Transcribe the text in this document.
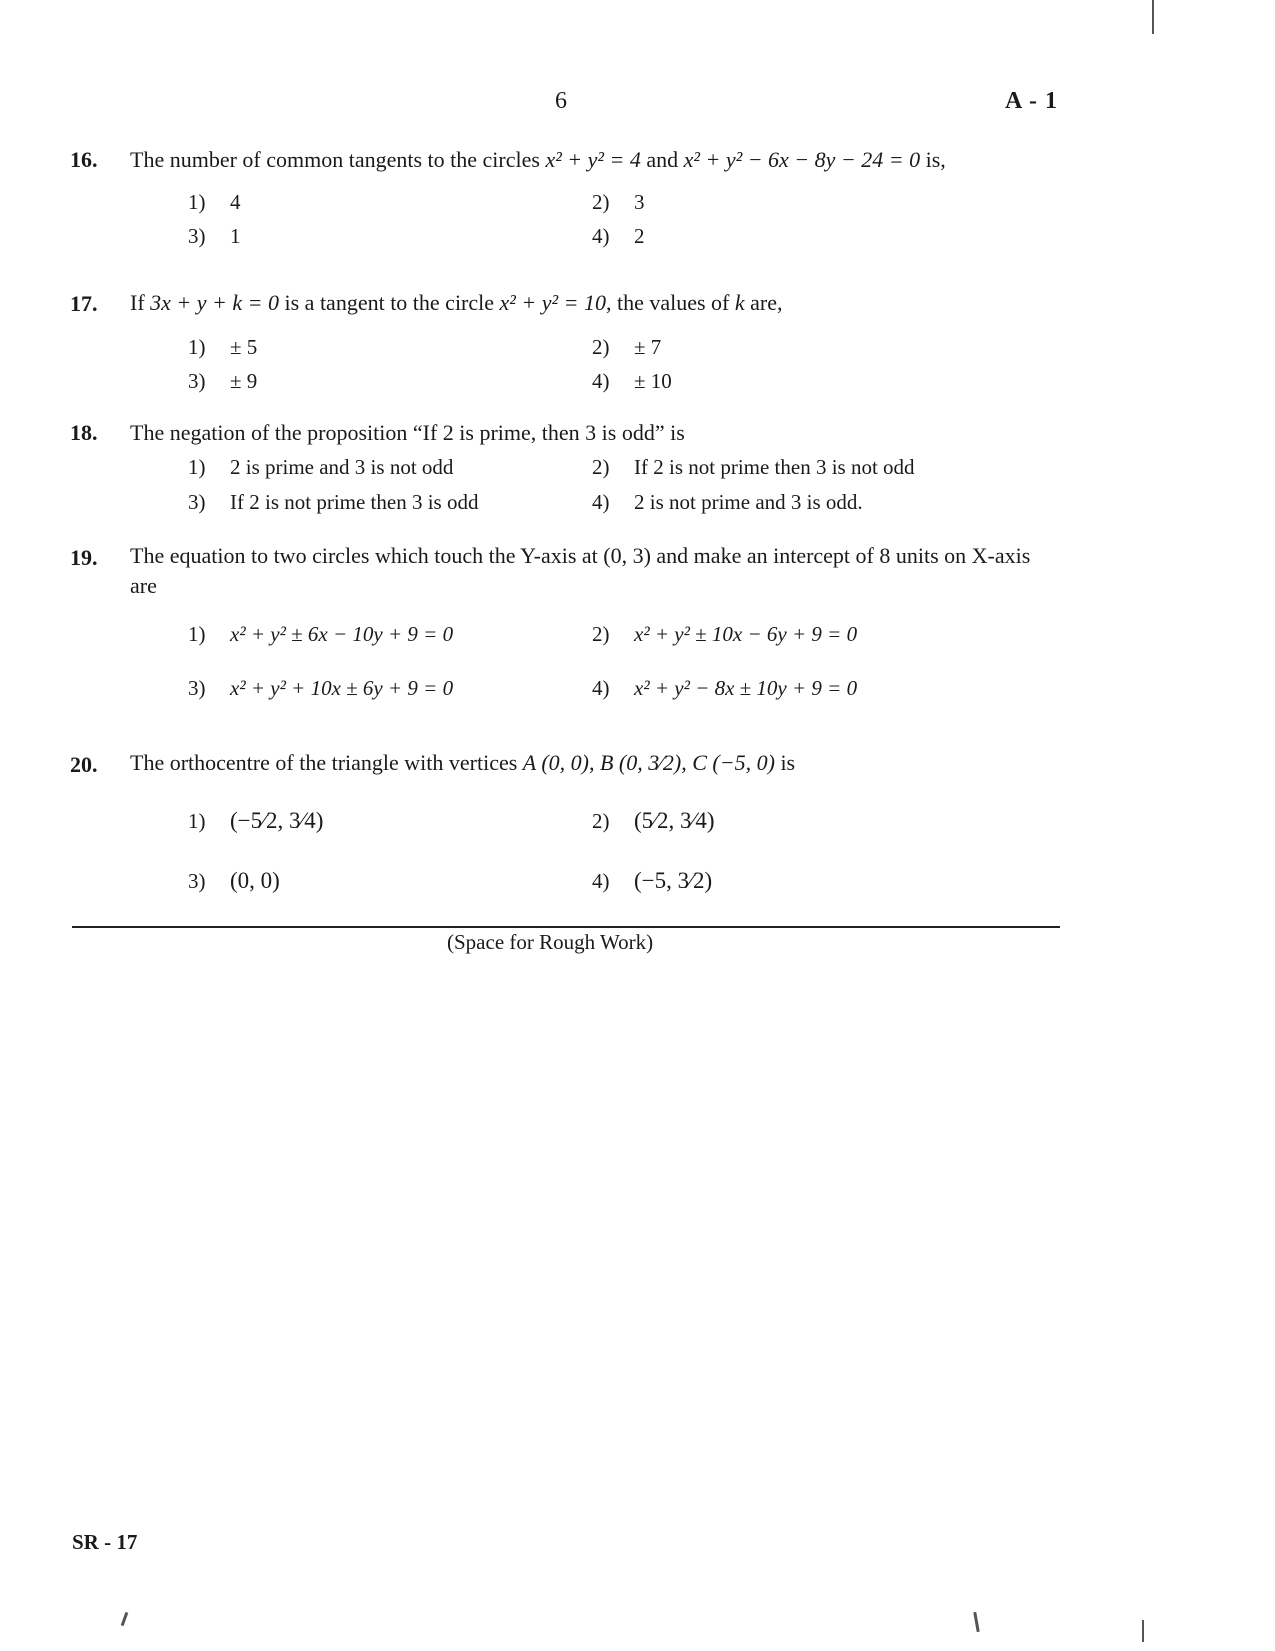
6	A - 1
16. The number of common tangents to the circles x² + y² = 4 and x² + y² − 6x − 8y − 24 = 0 is,
1) 4	2) 3
3) 1	4) 2
17. If 3x + y + k = 0 is a tangent to the circle x² + y² = 10, the values of k are,
1) ± 5	2) ± 7
3) ± 9	4) ± 10
18. The negation of the proposition “If 2 is prime, then 3 is odd” is
1) 2 is prime and 3 is not odd	2) If 2 is not prime then 3 is not odd
3) If 2 is not prime then 3 is odd	4) 2 is not prime and 3 is odd.
19. The equation to two circles which touch the Y-axis at (0, 3) and make an intercept of 8 units on X-axis are
1) x² + y² ± 6x − 10y + 9 = 0	2) x² + y² ± 10x − 6y + 9 = 0
3) x² + y² + 10x ± 6y + 9 = 0	4) x² + y² − 8x ± 10y + 9 = 0
20. The orthocentre of the triangle with vertices A (0, 0), B (0, 3⁄2), C (−5, 0) is
1) (−5⁄2, 3⁄4)	2) (5⁄2, 3⁄4)
3) (0, 0)	4) (−5, 3⁄2)
(Space for Rough Work)
SR - 17
